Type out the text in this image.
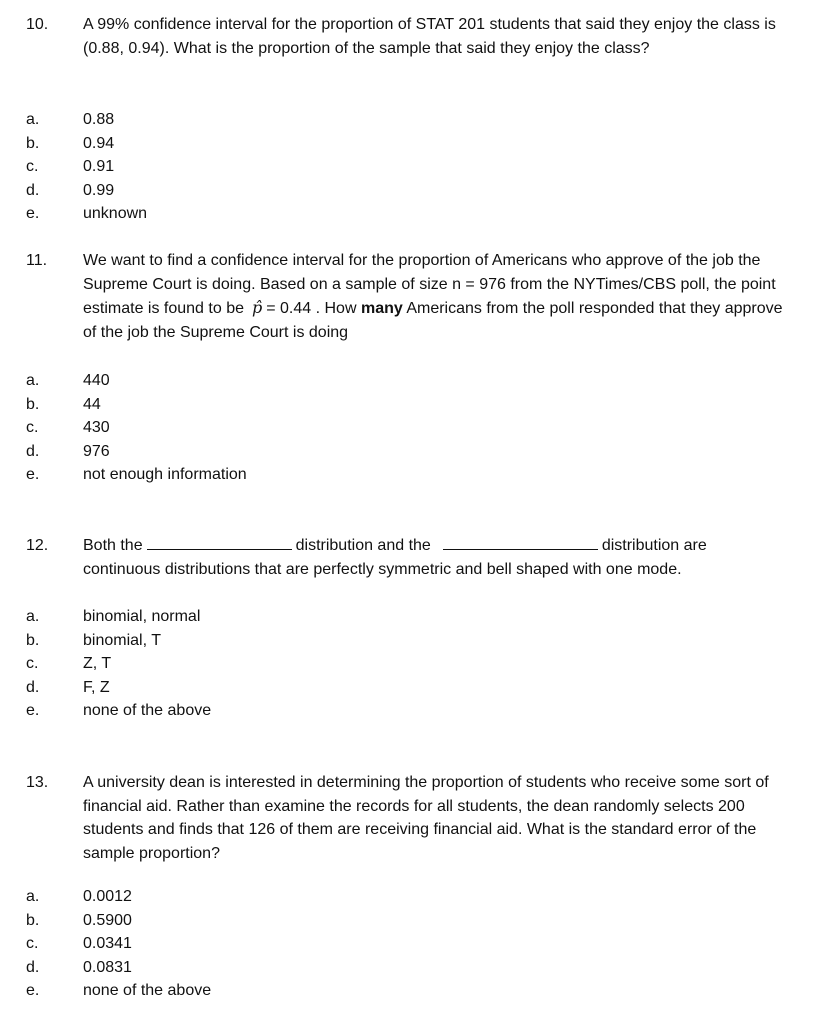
10. A 99% confidence interval for the proportion of STAT 201 students that said they enjoy the class is (0.88, 0.94). What is the proportion of the sample that said they enjoy the class?
a.	0.88
b.	0.94
c.	0.91
d.	0.99
e.	unknown
11. We want to find a confidence interval for the proportion of Americans who approve of the job the Supreme Court is doing. Based on a sample of size n = 976 from the NYTimes/CBS poll, the point estimate is found to be p̂ = 0.44 . How many Americans from the poll responded that they approve of the job the Supreme Court is doing
a.	440
b.	44
c.	430
d.	976
e.	not enough information
12. Both the	distribution and the	distribution are continuous distributions that are perfectly symmetric and bell shaped with one mode.
a.	binomial, normal
b.	binomial, T
c.	Z, T
d.	F, Z
e.	none of the above
13. A university dean is interested in determining the proportion of students who receive some sort of financial aid. Rather than examine the records for all students, the dean randomly selects 200 students and finds that 126 of them are receiving financial aid. What is the standard error of the sample proportion?
a.	0.0012
b.	0.5900
c.	0.0341
d.	0.0831
e.	none of the above
